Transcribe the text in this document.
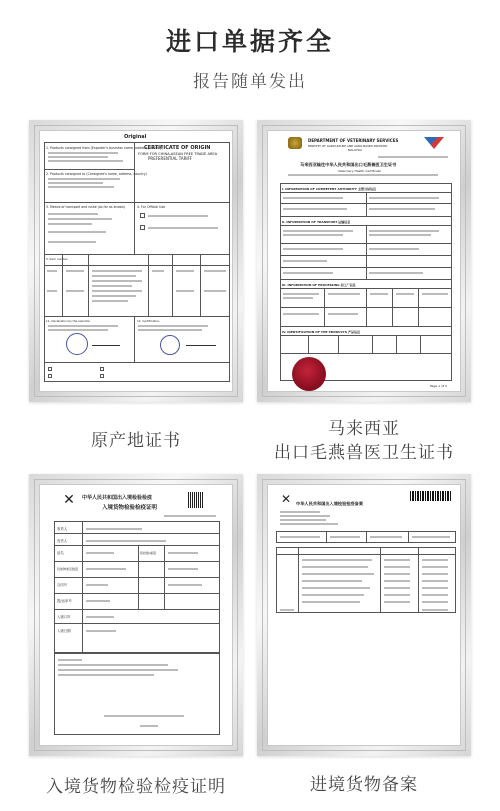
进口单据齐全
报告随单发出
Original
CERTIFICATE OF ORIGIN
FORM FOR CHINA-ASEAN FREE TRADE AREA
PREFERENTIAL TARIFF
1. Products consigned from (Exporter's business name, address, country)
2. Products consigned to (Consignee's name, address, country)
3. Means of transport and route (as far as known)	4. For Official Use
5. Item number
11. Declaration by the exporter	12. Certification
原产地证书
DEPARTMENT OF VETERINARY SERVICES
MINISTRY OF AGRICULTURE AND AGRO-BASED INDUSTRY
MALAYSIA
马来西亚输往中华人民共和国出口毛燕兽医卫生证书
Veterinary Health Certificate
I. INFORMATION OF COMPETENT AUTHORITY 主管当局信息
II. INFORMATION OF TRANSPORT 运输信息
III. INFORMATION OF PROCESSING 加工厂信息
IV. IDENTIFICATION OF THE PRODUCTS 产品信息
Page 1 of 4
马来西亚
出口毛燕兽医卫生证书
✕ 中华人民共和国出入境检验检疫
入境货物检验检疫证明
收货人
发货人
品名	报检数/重量
包装种类及数量
合同号
提/运单号
入境口岸
入境日期
入境货物检验检疫证明
✕ 中华人民共和国出入境检验检疫备案
进境货物备案
